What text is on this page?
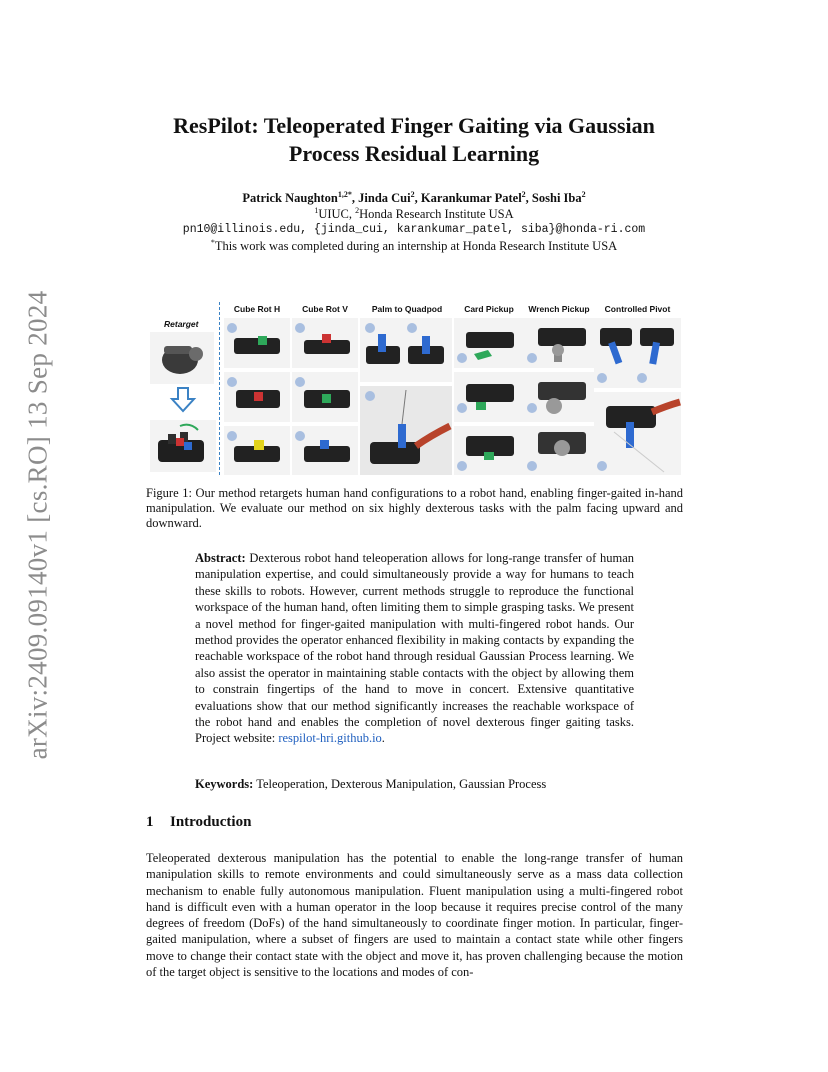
arXiv:2409.09140v1 [cs.RO] 13 Sep 2024
ResPilot: Teleoperated Finger Gaiting via Gaussian
Process Residual Learning
Patrick Naughton$^{1,2*}$, Jinda Cui$^2$, Karankumar Patel$^2$, Soshi Iba$^2$
$^1$UIUC, $^2$Honda Research Institute USA
pn10@illinois.edu, {jinda_cui, karankumar_patel, siba}@honda-ri.com
*This work was completed during an internship at Honda Research Institute USA
Retarget
Cube Rot H	Cube Rot V	Palm to Quadpod	Card Pickup	Wrench Pickup	Controlled Pivot

Figure 1: Our method retargets human hand configurations to a robot hand, enabling finger-gaited in-hand manipulation. We evaluate our method on six highly dexterous tasks with the palm facing upward and downward.

Abstract: Dexterous robot hand teleoperation allows for long-range transfer of human manipulation expertise, and could simultaneously provide a way for humans to teach these skills to robots. However, current methods struggle to reproduce the functional workspace of the human hand, often limiting them to simple grasping tasks. We present a novel method for finger-gaited manipulation with multi-fingered robot hands. Our method provides the operator enhanced flexibility in making contacts by expanding the reachable workspace of the robot hand through residual Gaussian Process learning. We also assist the operator in maintaining stable contacts with the object by allowing them to constrain fingertips of the hand to move in concert. Extensive quantitative evaluations show that our method significantly increases the reachable workspace of the robot hand and enables the completion of novel dexterous finger gaiting tasks. Project website: respilot-hri.github.io.

Keywords: Teleoperation, Dexterous Manipulation, Gaussian Process

1 Introduction

Teleoperated dexterous manipulation has the potential to enable the long-range transfer of human manipulation skills to remote environments and could simultaneously serve as a mass data collection mechanism to enable fully autonomous manipulation. Fluent manipulation using a multi-fingered robot hand is difficult even with a human operator in the loop because it requires precise control of the many degrees of freedom (DoFs) of the hand simultaneously to coordinate finger motion. In particular, finger-gaited manipulation, where a subset of fingers are used to maintain a contact state while other fingers move to change their contact state with the object and move it, has proven challenging because the motion of the target object is sensitive to the locations and modes of con-
